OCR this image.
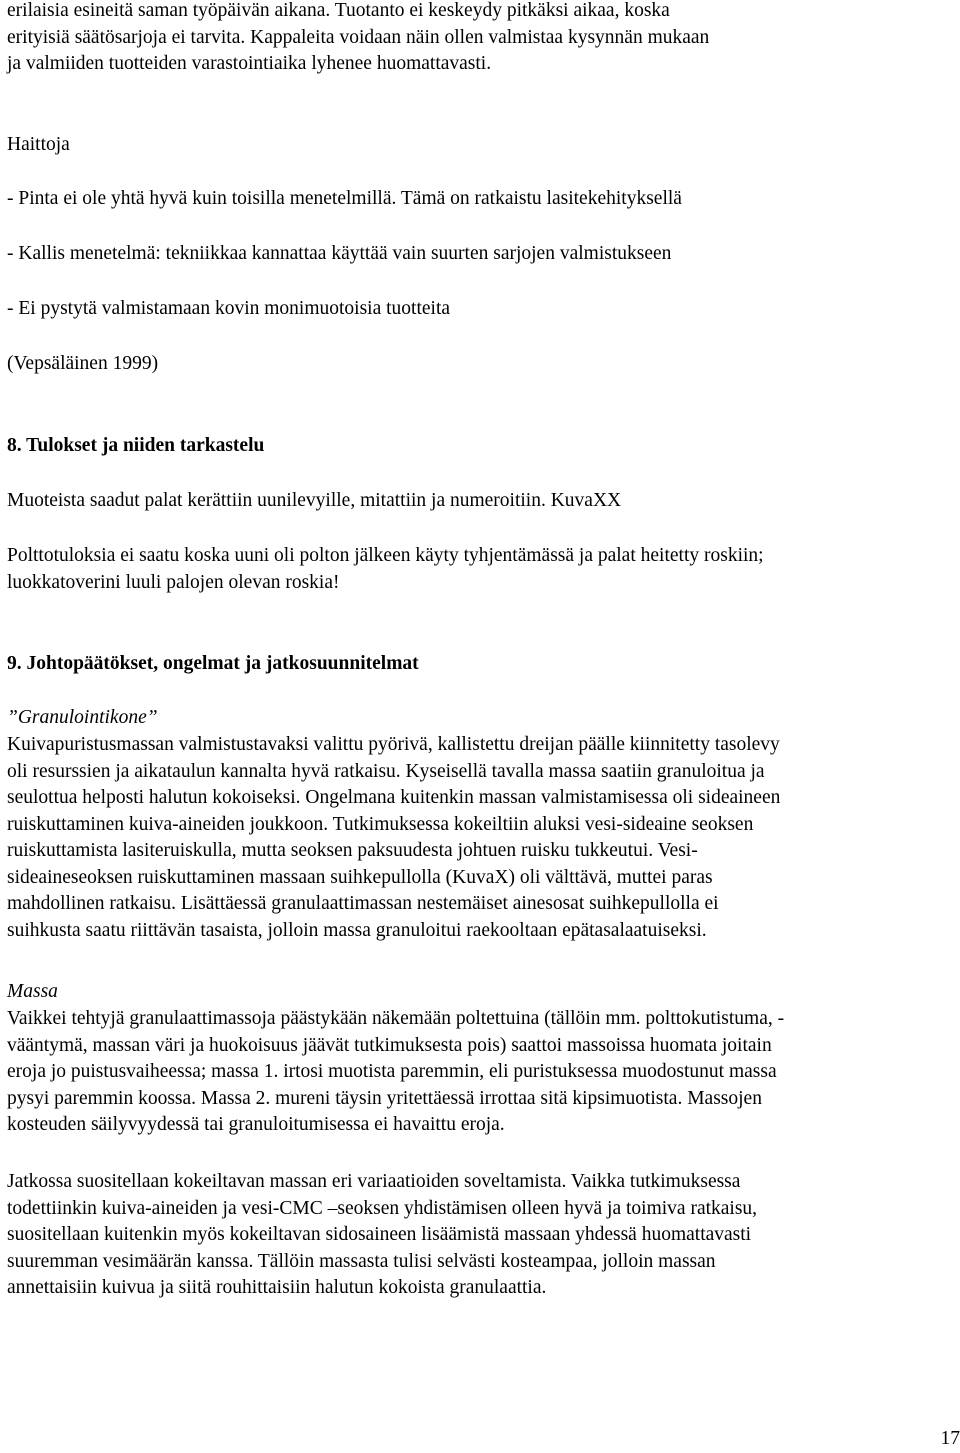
erilaisia esineitä saman työpäivän aikana. Tuotanto ei keskeydy pitkäksi aikaa, koska
erityisiä säätösarjoja ei tarvita. Kappaleita voidaan näin ollen valmistaa kysynnän mukaan
ja valmiiden tuotteiden varastointiaika lyhenee huomattavasti.
Haittoja
- Pinta ei ole yhtä hyvä kuin toisilla menetelmillä. Tämä on ratkaistu lasitekehityksellä
- Kallis menetelmä: tekniikkaa kannattaa käyttää vain suurten sarjojen valmistukseen
- Ei pystytä valmistamaan kovin monimuotoisia tuotteita
(Vepsäläinen 1999)
8. Tulokset ja niiden tarkastelu
Muoteista saadut palat kerättiin uunilevyille, mitattiin ja numeroitiin. KuvaXX
Polttotuloksia ei saatu koska uuni oli polton jälkeen käyty tyhjentämässä ja palat heitetty roskiin;
luokkatoverini luuli palojen olevan roskia!
9. Johtopäätökset, ongelmat ja jatkosuunnitelmat
”Granulointikone”
Kuivapuristusmassan valmistustavaksi valittu pyörivä, kallistettu dreijan päälle kiinnitetty tasolevy
oli resurssien ja aikataulun kannalta hyvä ratkaisu. Kyseisellä tavalla massa saatiin granuloitua ja
seulottua helposti halutun kokoiseksi. Ongelmana kuitenkin massan valmistamisessa oli sideaineen
ruiskuttaminen kuiva-aineiden joukkoon. Tutkimuksessa kokeiltiin aluksi vesi-sideaine seoksen
ruiskuttamista lasiteruiskulla, mutta seoksen paksuudesta johtuen ruisku tukkeutui. Vesi-
sideaineseoksen ruiskuttaminen massaan suihkepullolla (KuvaX) oli välttävä, muttei paras
mahdollinen ratkaisu. Lisättäessä granulaattimassan nestemäiset ainesosat suihkepullolla ei
suihkusta saatu riittävän tasaista, jolloin massa granuloitui raekooltaan epätasalaatuiseksi.
Massa
Vaikkei tehtyjä granulaattimassoja päästykään näkemään poltettuina (tällöin mm. polttokutistuma, -
vääntymä, massan väri ja huokoisuus jäävät tutkimuksesta pois) saattoi massoissa huomata joitain
eroja jo puistusvaiheessa; massa 1. irtosi muotista paremmin, eli puristuksessa muodostunut massa
pysyi paremmin koossa. Massa 2. mureni täysin yritettäessä irrottaa sitä kipsimuotista. Massojen
kosteuden säilyvyydessä tai granuloitumisessa ei havaittu eroja.
Jatkossa suositellaan kokeiltavan massan eri variaatioiden soveltamista. Vaikka tutkimuksessa
todettiinkin kuiva-aineiden ja vesi-CMC –seoksen yhdistämisen olleen hyvä ja toimiva ratkaisu,
suositellaan kuitenkin myös kokeiltavan sidosaineen lisäämistä massaan yhdessä huomattavasti
suuremman vesimäärän kanssa. Tällöin massasta tulisi selvästi kosteampaa, jolloin massan
annettaisiin kuivua ja siitä rouhittaisiin halutun kokoista granulaattia.
17
